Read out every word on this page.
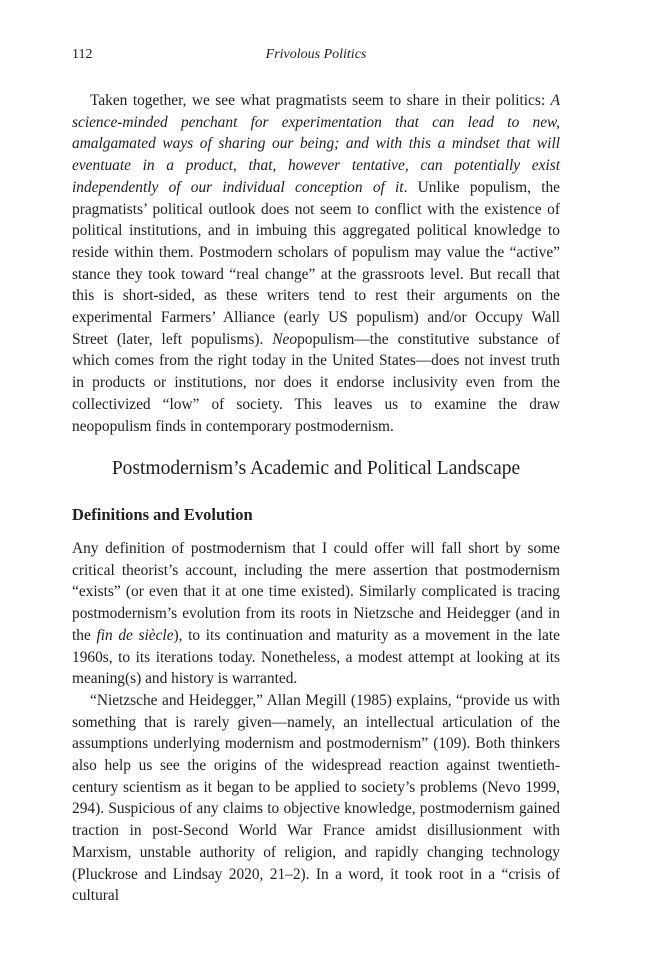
112	Frivolous Politics

Taken together, we see what pragmatists seem to share in their politics: A science-minded penchant for experimentation that can lead to new, amalgamated ways of sharing our being; and with this a mindset that will eventuate in a product, that, however tentative, can potentially exist independently of our individual conception of it. Unlike populism, the pragmatists’ political outlook does not seem to conflict with the existence of political institutions, and in imbuing this aggregated political knowledge to reside within them. Postmodern scholars of populism may value the “active” stance they took toward “real change” at the grassroots level. But recall that this is short-sided, as these writers tend to rest their arguments on the experimental Farmers’ Alliance (early US populism) and/or Occupy Wall Street (later, left populisms). Neopopulism—the constitutive substance of which comes from the right today in the United States—does not invest truth in products or institutions, nor does it endorse inclusivity even from the collectivized “low” of society. This leaves us to examine the draw neopopulism finds in contemporary postmodernism.

Postmodernism’s Academic and Political Landscape
Definitions and Evolution

Any definition of postmodernism that I could offer will fall short by some critical theorist’s account, including the mere assertion that postmodernism “exists” (or even that it at one time existed). Similarly complicated is tracing postmodernism’s evolution from its roots in Nietzsche and Heidegger (and in the fin de siècle), to its continuation and maturity as a movement in the late 1960s, to its iterations today. Nonetheless, a modest attempt at looking at its meaning(s) and history is warranted.

“Nietzsche and Heidegger,” Allan Megill (1985) explains, “provide us with something that is rarely given—namely, an intellectual articulation of the assumptions underlying modernism and postmodernism” (109). Both thinkers also help us see the origins of the widespread reaction against twentieth-century scientism as it began to be applied to society’s problems (Nevo 1999, 294). Suspicious of any claims to objective knowledge, postmodernism gained traction in post-Second World War France amidst disillusionment with Marxism, unstable authority of religion, and rapidly changing technology (Pluckrose and Lindsay 2020, 21–2). In a word, it took root in a “crisis of cultural
